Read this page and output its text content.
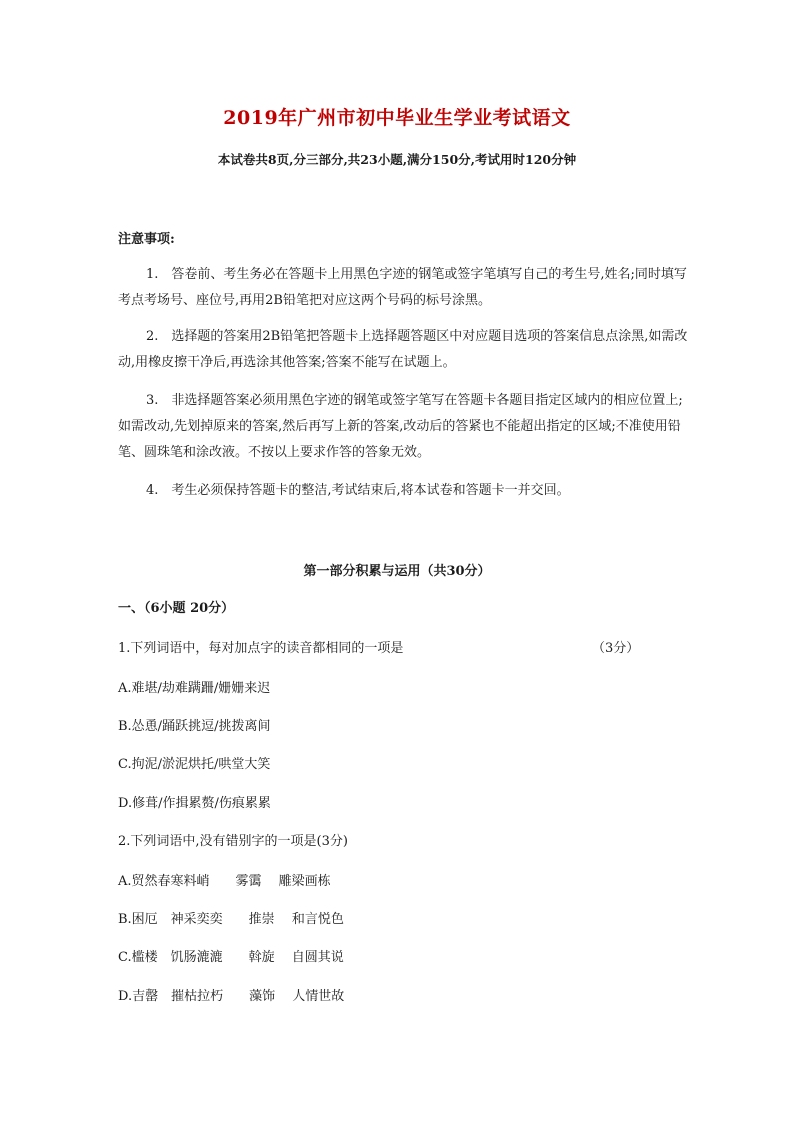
2019年广州市初中毕业生学业考试语文
本试卷共8页,分三部分,共23小题,满分150分,考试用时120分钟
注意事项:
1.　答卷前、考生务必在答题卡上用黑色字迹的钢笔或签字笔填写自己的考生号,姓名;同时填写考点考场号、座位号,再用2B铅笔把对应这两个号码的标号涂黑。
2.　选择题的答案用2B铅笔把答题卡上选择题答题区中对应题目选项的答案信息点涂黑,如需改动,用橡皮擦干净后,再选涂其他答案;答案不能写在试题上。
3.　非选择题答案必须用黑色字迹的钢笔或签字笔写在答题卡各题目指定区域内的相应位置上;如需改动,先划掉原来的答案,然后再写上新的答案,改动后的答紧也不能超出指定的区域;不准使用铅笔、圆珠笔和涂改液。不按以上要求作答的答象无效。
4.　考生必须保持答题卡的整洁,考试结束后,将本试卷和答题卡一并交回。
第一部分积累与运用（共30分）
一、（6小题 20分）
1.下列词语中，每对加点字的读音都相同的一项是	（3分）
A.难堪/劫难蹒跚/姗姗来迟
B.怂恿/踊跃挑逗/挑拨离间
C.拘泥/淤泥烘托/哄堂大笑
D.修葺/作揖累赘/伤痕累累
2.下列词语中,没有错别字的一项是(3分)
A.贸然春寒料峭　　雾霭　 雕梁画栋
B.困厄　神采奕奕　　推崇　 和言悦色
C.槛楼　饥肠漉漉　　斡旋　 自圆其说
D.吉罄　摧枯拉朽　　藻饰　 人情世故
